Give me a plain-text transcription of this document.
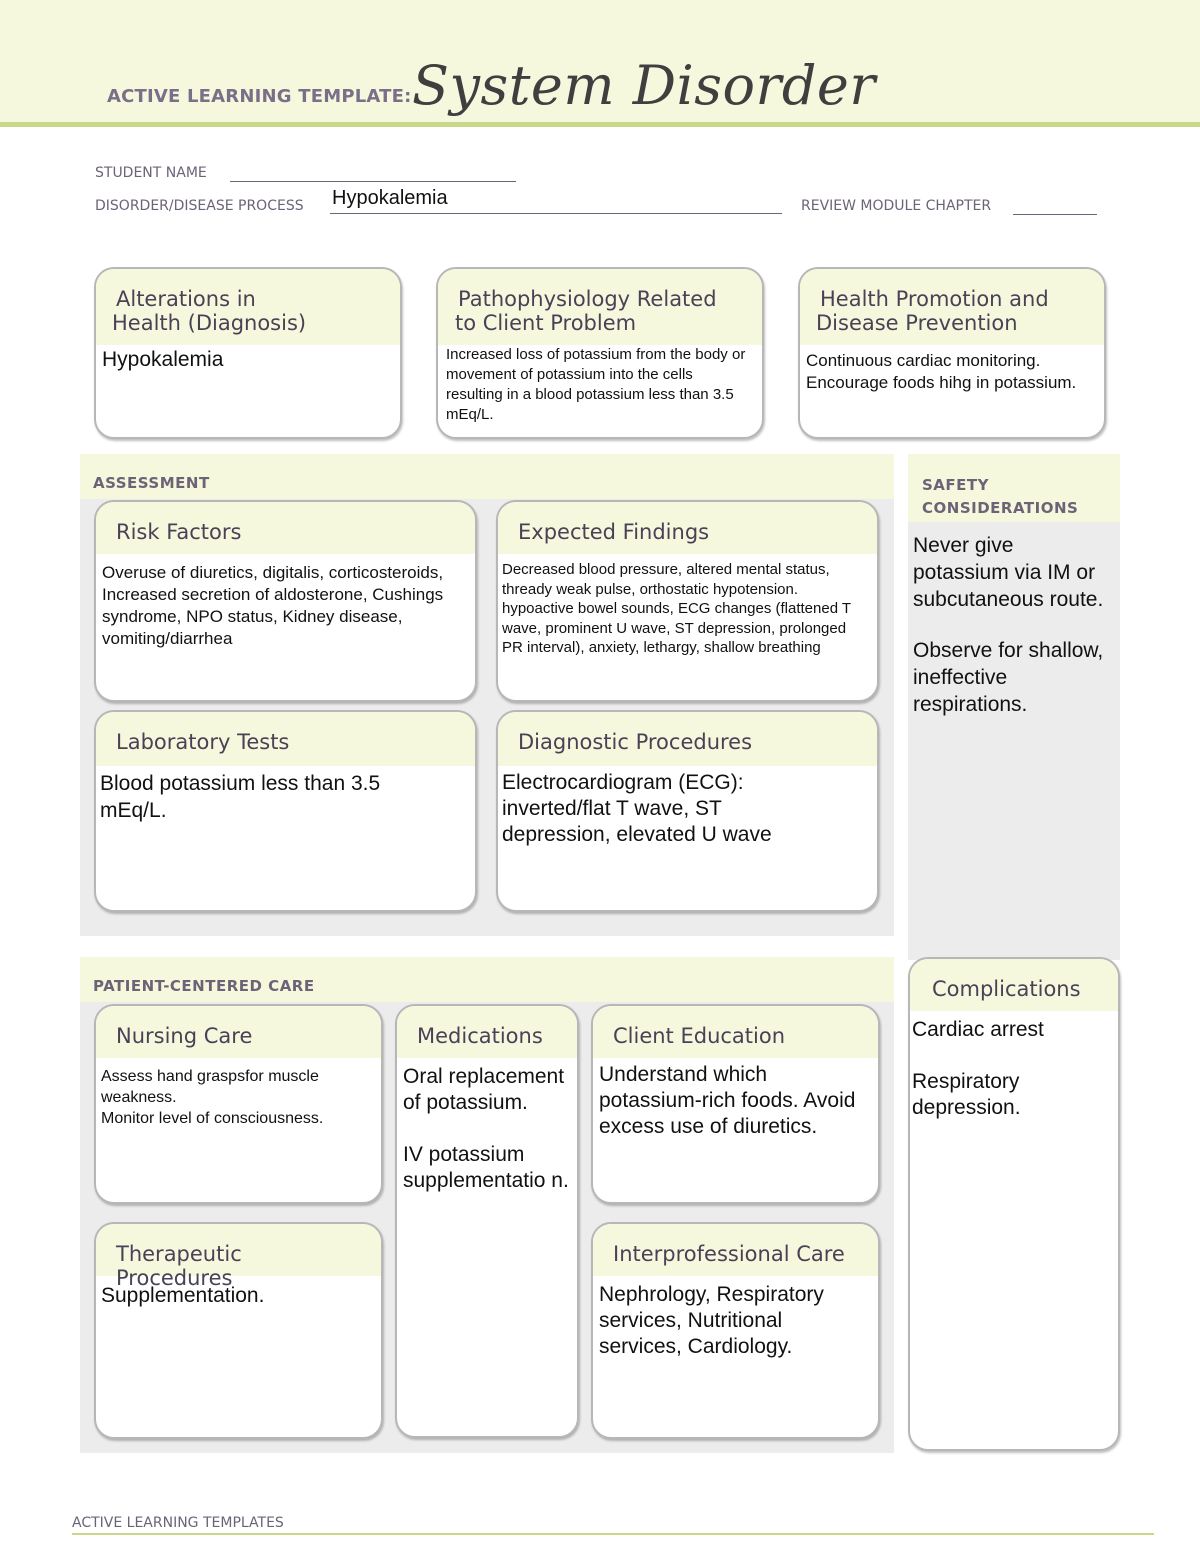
ACTIVE LEARNING TEMPLATE: System Disorder
STUDENT NAME
DISORDER/DISEASE PROCESS Hypokalemia	REVIEW MODULE CHAPTER
Alterations in
Health (Diagnosis)
Hypokalemia
Pathophysiology Related
to Client Problem
Increased loss of potassium from the body or movement of potassium into the cells resulting in a blood potassium less than 3.5 mEq/L.
Health Promotion and
Disease Prevention
Continuous cardiac monitoring. Encourage foods hihg in potassium.
ASSESSMENT
Risk Factors
Overuse of diuretics, digitalis, corticosteroids, Increased secretion of aldosterone, Cushings syndrome, NPO status, Kidney disease, vomiting/diarrhea
Expected Findings
Decreased blood pressure, altered mental status, thready weak pulse, orthostatic hypotension. hypoactive bowel sounds, ECG changes (flattened T wave, prominent U wave, ST depression, prolonged PR interval), anxiety, lethargy, shallow breathing
Laboratory Tests
Blood potassium less than 3.5 mEq/L.
Diagnostic Procedures
Electrocardiogram (ECG): inverted/flat T wave, ST depression, elevated U wave
SAFETY
CONSIDERATIONS
Never give potassium via IM or subcutaneous route.
Observe for shallow, ineffective respirations.
PATIENT-CENTERED CARE
Nursing Care
Assess hand graspsfor muscle weakness.
Monitor level of consciousness.
Medications
Oral replacement of potassium.
IV potassium supplementatio n.
Client Education
Understand which potassium-rich foods. Avoid excess use of diuretics.
Therapeutic Procedures
Supplementation.
Interprofessional Care
Nephrology, Respiratory services, Nutritional services, Cardiology.
Complications
Cardiac arrest
Respiratory depression.
ACTIVE LEARNING TEMPLATES
